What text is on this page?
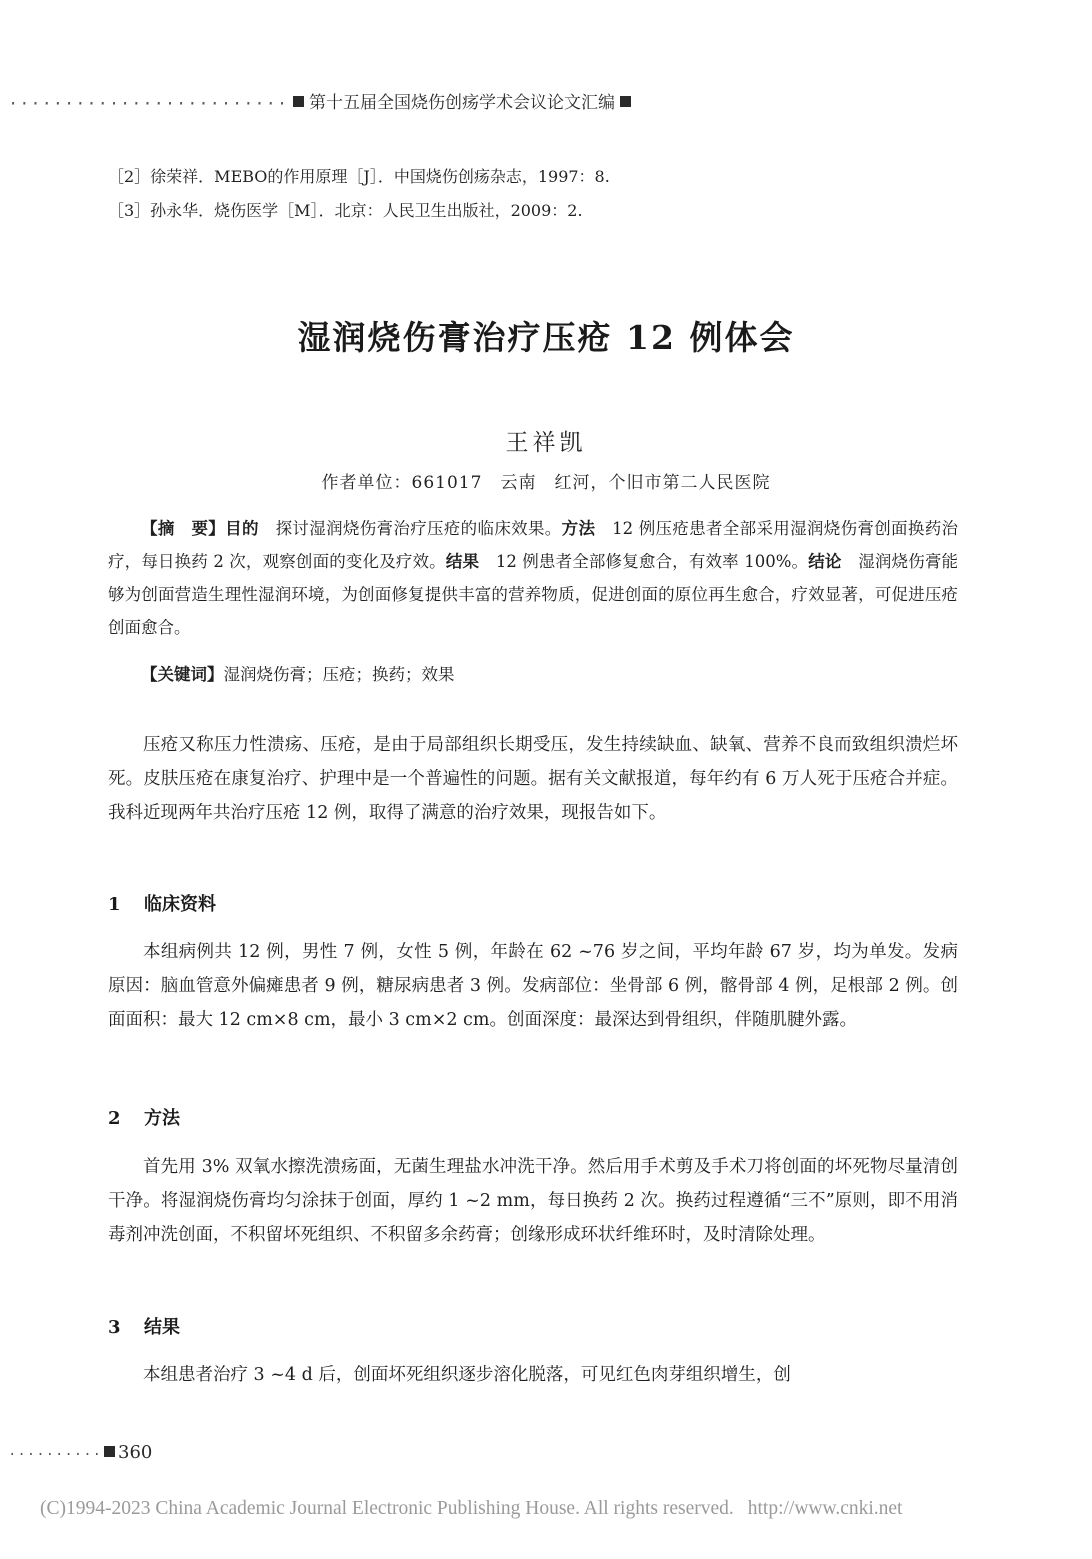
························· 第十五届全国烧伤创疡学术会议论文汇编
［2］徐荣祥．MEBO的作用原理［J］．中国烧伤创疡杂志，1997：8.
［3］孙永华．烧伤医学［M］．北京：人民卫生出版社，2009：2.
湿润烧伤膏治疗压疮 12 例体会
王祥凯
作者单位：661017　云南　红河，个旧市第二人民医院
【摘　要】目的　 探讨湿润烧伤膏治疗压疮的临床效果。方法　 12 例压疮患者全部采用湿润烧伤膏创面换药治疗，每日换药 2 次，观察创面的变化及疗效。结果　 12 例患者全部修复愈合，有效率 100%。结论　 湿润烧伤膏能够为创面营造生理性湿润环境，为创面修复提供丰富的营养物质，促进创面的原位再生愈合，疗效显著，可促进压疮创面愈合。
【关键词】湿润烧伤膏；压疮；换药；效果
压疮又称压力性溃疡、压疮，是由于局部组织长期受压，发生持续缺血、缺氧、营养不良而致组织溃烂坏死。皮肤压疮在康复治疗、护理中是一个普遍性的问题。据有关文献报道，每年约有 6 万人死于压疮合并症。我科近现两年共治疗压疮 12 例，取得了满意的治疗效果，现报告如下。
1 临床资料
本组病例共 12 例，男性 7 例，女性 5 例，年龄在 62 ~76 岁之间，平均年龄 67 岁，均为单发。发病原因：脑血管意外偏瘫患者 9 例，糖尿病患者 3 例。发病部位：坐骨部 6 例，髂骨部 4 例，足根部 2 例。创面面积：最大 12 cm×8 cm，最小 3 cm×2 cm。创面深度：最深达到骨组织，伴随肌腱外露。
2 方法
首先用 3% 双氧水擦洗溃疡面，无菌生理盐水冲洗干净。然后用手术剪及手术刀将创面的坏死物尽量清创干净。将湿润烧伤膏均匀涂抹于创面，厚约 1 ~2 mm，每日换药 2 次。换药过程遵循“三不”原则，即不用消毒剂冲洗创面，不积留坏死组织、不积留多余药膏；创缘形成环状纤维环时，及时清除处理。
3 结果
本组患者治疗 3 ~4 d 后，创面坏死组织逐步溶化脱落，可见红色肉芽组织增生，创
·········· 360
(C)1994-2023 China Academic Journal Electronic Publishing House. All rights reserved. http://www.cnki.net
